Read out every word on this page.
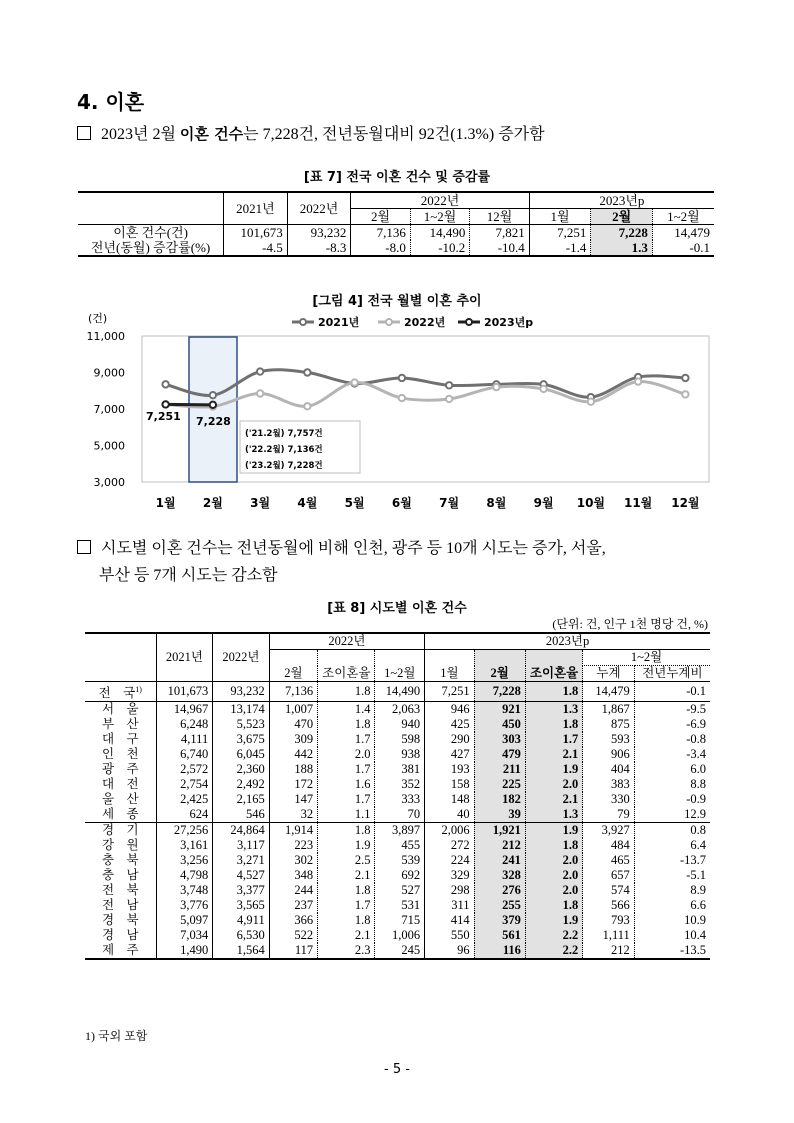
4. 이혼
2023년 2월 이혼 건수는 7,228건, 전년동월대비 92건(1.3%) 증가함
[표 7] 전국 이혼 건수 및 증감률
	2021년	2022년	2022년			2023년p		
			2월	1~2월	12월	1월	2월	1~2월
이혼 건수(건)	101,673	93,232	7,136	14,490	7,821	7,251	7,228	14,479
전년(동월) 증감률(%)	-4.5	-8.3	-8.0	-10.2	-10.4	-1.4	1.3	-0.1
[그림 4] 전국 월별 이혼 추이
(건)	2021년	2022년	2023년p
3,000
5,000
7,000
9,000
11,000
1월 2월 3월 4월 5월 6월 7월 8월 9월 10월 11월 12월
7,251 7,228
('21.2월) 7,757건
('22.2월) 7,136건
('23.2월) 7,228건
시도별 이혼 건수는 전년동월에 비해 인천, 광주 등 10개 시도는 증가, 서울,
부산 등 7개 시도는 감소함
[표 8] 시도별 이혼 건수
(단위: 건, 인구 1천 명당 건, %)
	2021년	2022년	2022년			2023년p				
									1~2월	
			2월	조이혼율	1~2월	1월	2월	조이혼율	누계	전년누계비
전    국$^{1)}$	101,673	93,232	7,136	1.8	14,490	7,251	7,228	1.8	14,479	-0.1
서    울	14,967	13,174	1,007	1.4	2,063	946	921	1.3	1,867	-9.5
부    산	6,248	5,523	470	1.8	940	425	450	1.8	875	-6.9
대    구	4,111	3,675	309	1.7	598	290	303	1.7	593	-0.8
인    천	6,740	6,045	442	2.0	938	427	479	2.1	906	-3.4
광    주	2,572	2,360	188	1.7	381	193	211	1.9	404	6.0
대    전	2,754	2,492	172	1.6	352	158	225	2.0	383	8.8
울    산	2,425	2,165	147	1.7	333	148	182	2.1	330	-0.9
세    종	624	546	32	1.1	70	40	39	1.3	79	12.9
경    기	27,256	24,864	1,914	1.8	3,897	2,006	1,921	1.9	3,927	0.8
강    원	3,161	3,117	223	1.9	455	272	212	1.8	484	6.4
충    북	3,256	3,271	302	2.5	539	224	241	2.0	465	-13.7
충    남	4,798	4,527	348	2.1	692	329	328	2.0	657	-5.1
전    북	3,748	3,377	244	1.8	527	298	276	2.0	574	8.9
전    남	3,776	3,565	237	1.7	531	311	255	1.8	566	6.6
경    북	5,097	4,911	366	1.8	715	414	379	1.9	793	10.9
경    남	7,034	6,530	522	2.1	1,006	550	561	2.2	1,111	10.4
제    주	1,490	1,564	117	2.3	245	96	116	2.2	212	-13.5
1) 국외 포함
- 5 -
